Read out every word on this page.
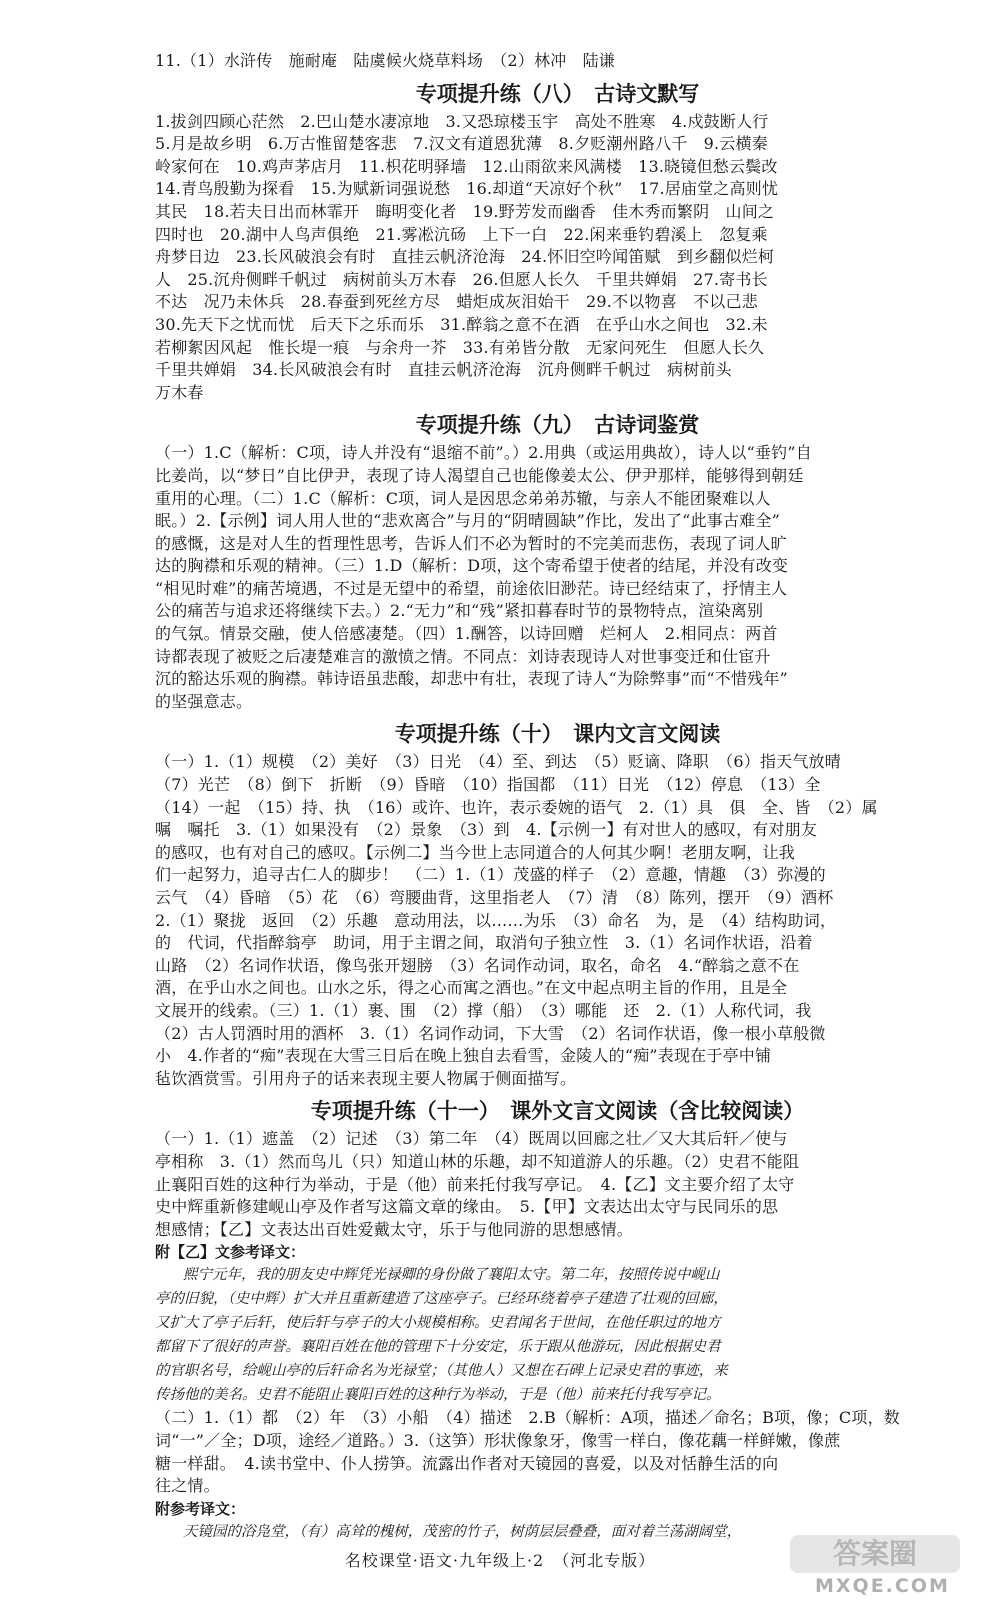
11.（1）水浒传　施耐庵　陆虞候火烧草料场　（2）林冲　陆谦
专项提升练（八）　古诗文默写
1.拔剑四顾心茫然　2.巴山楚水凄凉地　3.又恐琼楼玉宇　高处不胜寒　4.戍鼓断人行
5.月是故乡明　6.万古惟留楚客悲　7.汉文有道恩犹薄　8.夕贬潮州路八千　9.云横秦
岭家何在　10.鸡声茅店月　11.枳花明驿墙　12.山雨欲来风满楼　13.晓镜但愁云鬓改
14.青鸟殷勤为探看　15.为赋新词强说愁　16.却道“天凉好个秋”　17.居庙堂之高则忧
其民　18.若夫日出而林霏开　晦明变化者　19.野芳发而幽香　佳木秀而繁阴　山间之
四时也　20.湖中人鸟声俱绝　21.雾凇沆砀　上下一白　22.闲来垂钓碧溪上　忽复乘
舟梦日边　23.长风破浪会有时　直挂云帆济沧海　24.怀旧空吟闻笛赋　到乡翻似烂柯
人　25.沉舟侧畔千帆过　病树前头万木春　26.但愿人长久　千里共婵娟　27.寄书长
不达　况乃未休兵　28.春蚕到死丝方尽　蜡炬成灰泪始干　29.不以物喜　不以己悲
30.先天下之忧而忧　后天下之乐而乐　31.醉翁之意不在酒　在乎山水之间也　32.未
若柳絮因风起　惟长堤一痕　与余舟一芥　33.有弟皆分散　无家问死生　但愿人长久
千里共婵娟　34.长风破浪会有时　直挂云帆济沧海　沉舟侧畔千帆过　病树前头
万木春
专项提升练（九）　古诗词鉴赏
（一）1.C（解析：C项，诗人并没有“退缩不前”。）2.用典（或运用典故），诗人以“垂钓”自
比姜尚，以“梦日”自比伊尹，表现了诗人渴望自己也能像姜太公、伊尹那样，能够得到朝廷
重用的心理。（二）1.C（解析：C项，词人是因思念弟弟苏辙，与亲人不能团聚难以人
眠。）2.【示例】词人用人世的“悲欢离合”与月的“阴晴圆缺”作比，发出了“此事古难全”
的感慨，这是对人生的哲理性思考，告诉人们不必为暂时的不完美而悲伤，表现了词人旷
达的胸襟和乐观的精神。（三）1.D（解析：D项，这个寄希望于使者的结尾，并没有改变
“相见时难”的痛苦境遇，不过是无望中的希望，前途依旧渺茫。诗已经结束了，抒情主人
公的痛苦与追求还将继续下去。）2.“无力”和“残”紧扣暮春时节的景物特点，渲染离别
的气氛。情景交融，使人倍感凄楚。（四）1.酬答，以诗回赠　烂柯人　2.相同点：两首
诗都表现了被贬之后凄楚难言的激愤之情。不同点：刘诗表现诗人对世事变迁和仕宦升
沉的豁达乐观的胸襟。韩诗语虽悲酸，却悲中有壮，表现了诗人“为除弊事”而“不惜残年”
的坚强意志。
专项提升练（十）　课内文言文阅读
（一）1.（1）规模　（2）美好　（3）日光　（4）至、到达　（5）贬谪、降职　（6）指天气放晴
（7）光芒　（8）倒下　折断　（9）昏暗　（10）指国都　（11）日光　（12）停息　（13）全
（14）一起　（15）持、执　（16）或许、也许，表示委婉的语气　2.（1）具　俱　全、皆　（2）属
嘱　嘱托　3.（1）如果没有　（2）景象　（3）到　4.【示例一】有对世人的感叹，有对朋友
的感叹，也有对自己的感叹。【示例二】当今世上志同道合的人何其少啊！老朋友啊，让我
们一起努力，追寻古仁人的脚步！　（二）1.（1）茂盛的样子　（2）意趣，情趣　（3）弥漫的
云气　（4）昏暗　（5）花　（6）弯腰曲背，这里指老人　（7）清　（8）陈列，摆开　（9）酒杯
2.（1）聚拢　返回　（2）乐趣　意动用法，以……为乐　（3）命名　为，是　（4）结构助词，
的　代词，代指醉翁亭　助词，用于主谓之间，取消句子独立性　3.（1）名词作状语，沿着
山路　（2）名词作状语，像鸟张开翅膀　（3）名词作动词，取名，命名　4.“醉翁之意不在
酒，在乎山水之间也。山水之乐，得之心而寓之酒也。”在文中起点明主旨的作用，且是全
文展开的线索。（三）1.（1）裹、围　（2）撑（船）　（3）哪能　还　2.（1）人称代词，我
（2）古人罚酒时用的酒杯　3.（1）名词作动词，下大雪　（2）名词作状语，像一根小草般微
小　4.作者的“痴”表现在大雪三日后在晚上独自去看雪，金陵人的“痴”表现在于亭中铺
毡饮酒赏雪。引用舟子的话来表现主要人物属于侧面描写。
专项提升练（十一）　课外文言文阅读（含比较阅读）
（一）1.（1）遮盖　（2）记述　（3）第二年　（4）既周以回廊之壮／又大其后轩／使与
亭相称　3.（1）然而鸟儿（只）知道山林的乐趣，却不知道游人的乐趣。（2）史君不能阻
止襄阳百姓的这种行为举动，于是（他）前来托付我写亭记。　4.【乙】文主要介绍了太守
史中辉重新修建岘山亭及作者写这篇文章的缘由。　5.【甲】文表达出太守与民同乐的思
想感情；【乙】文表达出百姓爱戴太守，乐于与他同游的思想感情。
附【乙】文参考译文：
熙宁元年，我的朋友史中辉凭光禄卿的身份做了襄阳太守。第二年，按照传说中岘山
亭的旧貌，（史中辉）扩大并且重新建造了这座亭子。已经环绕着亭子建造了壮观的回廊，
又扩大了亭子后轩，使后轩与亭子的大小规模相称。史君闻名于世间，在他任职过的地方
都留下了很好的声誉。襄阳百姓在他的管理下十分安定，乐于跟从他游玩，因此根据史君
的官职名号，给岘山亭的后轩命名为光禄堂；（其他人）又想在石碑上记录史君的事迹，来
传扬他的美名。史君不能阻止襄阳百姓的这种行为举动，于是（他）前来托付我写亭记。
（二）1.（1）都　（2）年　（3）小船　（4）描述　2.B（解析：A项，描述／命名；B项，像；C项，数
词“一”／全；D项，途经／道路。）3.（这笋）形状像象牙，像雪一样白，像花藕一样鲜嫩，像蔗
糖一样甜。　4.读书堂中、仆人捞笋。流露出作者对天镜园的喜爱，以及对恬静生活的向
往之情。
附参考译文：
天镜园的浴凫堂，（有）高耸的槐树，茂密的竹子，树荫层层叠叠，面对着兰荡湖阔堂，
名校课堂·语文·九年级上·2　（河北专版）	答案圈
MXQE.COM
